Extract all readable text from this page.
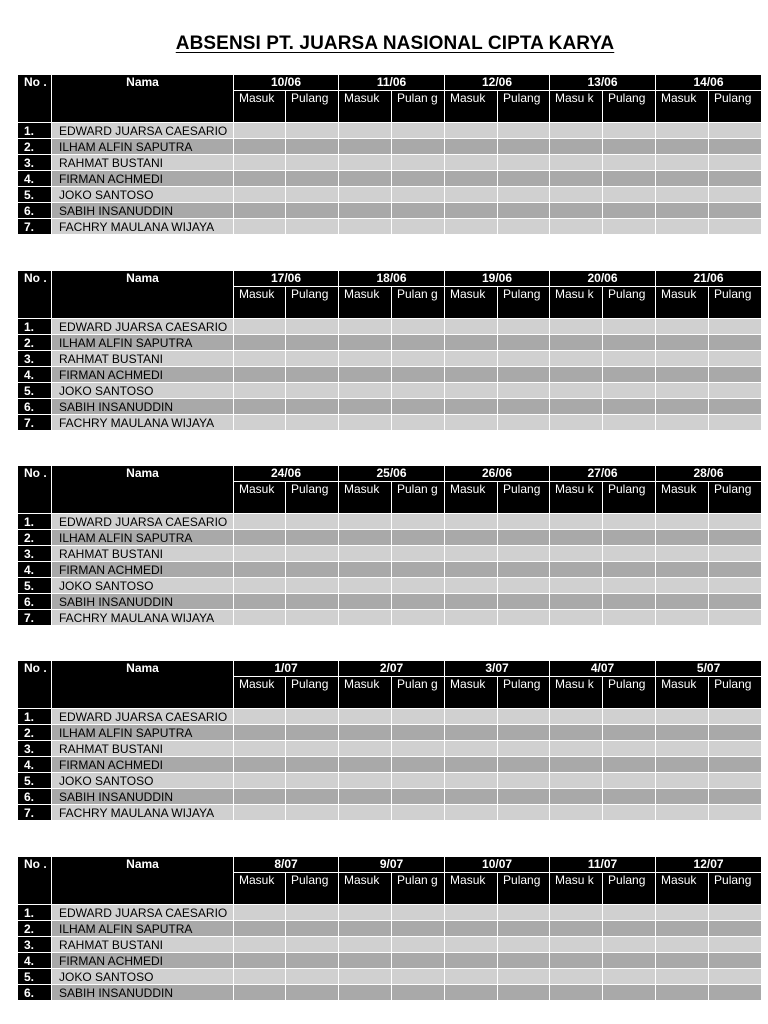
ABSENSI PT. JUARSA NASIONAL CIPTA KARYA
No .	Nama	10/06		11/06		12/06		13/06		14/06	
		Masuk	Pulang	Masuk	Pulan g	Masuk	Pulang	Masu k	Pulang	Masuk	Pulang
1.	EDWARD JUARSA CAESARIO										
2.	ILHAM ALFIN SAPUTRA										
3.	RAHMAT BUSTANI										
4.	FIRMAN ACHMEDI										
5.	JOKO SANTOSO										
6.	SABIH INSANUDDIN										
7.	FACHRY MAULANA WIJAYA										
No .	Nama	17/06		18/06		19/06		20/06		21/06	
		Masuk	Pulang	Masuk	Pulan g	Masuk	Pulang	Masu k	Pulang	Masuk	Pulang
1.	EDWARD JUARSA CAESARIO										
2.	ILHAM ALFIN SAPUTRA										
3.	RAHMAT BUSTANI										
4.	FIRMAN ACHMEDI										
5.	JOKO SANTOSO										
6.	SABIH INSANUDDIN										
7.	FACHRY MAULANA WIJAYA										
No .	Nama	24/06		25/06		26/06		27/06		28/06	
		Masuk	Pulang	Masuk	Pulan g	Masuk	Pulang	Masu k	Pulang	Masuk	Pulang
1.	EDWARD JUARSA CAESARIO										
2.	ILHAM ALFIN SAPUTRA										
3.	RAHMAT BUSTANI										
4.	FIRMAN ACHMEDI										
5.	JOKO SANTOSO										
6.	SABIH INSANUDDIN										
7.	FACHRY MAULANA WIJAYA										
No .	Nama	1/07		2/07		3/07		4/07		5/07	
		Masuk	Pulang	Masuk	Pulan g	Masuk	Pulang	Masu k	Pulang	Masuk	Pulang
1.	EDWARD JUARSA CAESARIO										
2.	ILHAM ALFIN SAPUTRA										
3.	RAHMAT BUSTANI										
4.	FIRMAN ACHMEDI										
5.	JOKO SANTOSO										
6.	SABIH INSANUDDIN										
7.	FACHRY MAULANA WIJAYA										
No .	Nama	8/07		9/07		10/07		11/07		12/07	
		Masuk	Pulang	Masuk	Pulan g	Masuk	Pulang	Masu k	Pulang	Masuk	Pulang
1.	EDWARD JUARSA CAESARIO										
2.	ILHAM ALFIN SAPUTRA										
3.	RAHMAT BUSTANI										
4.	FIRMAN ACHMEDI										
5.	JOKO SANTOSO										
6.	SABIH INSANUDDIN										
